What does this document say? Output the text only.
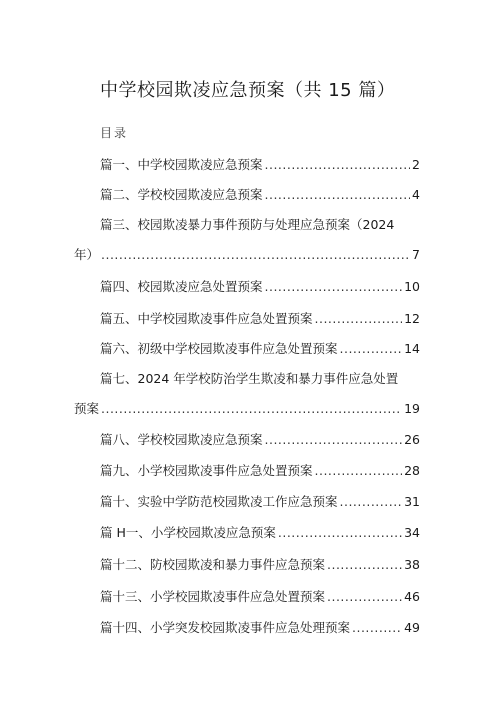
中学校园欺凌应急预案（共 15 篇）
目录
篇一、中学校园欺凌应急预案 .....	2
篇二、学校校园欺凌应急预案 .....	4
篇三、校园欺凌暴力事件预防与处理应急预案（2024
年） .....	7
篇四、校园欺凌应急处置预案 .....	10
篇五、中学校园欺凌事件应急处置预案 .....	12
篇六、初级中学校园欺凌事件应急处置预案 .....	14
篇七、2024 年学校防治学生欺凌和暴力事件应急处置
预案 .....	19
篇八、学校校园欺凌应急预案 .....	26
篇九、小学校园欺凌事件应急处置预案 .....	28
篇十、实验中学防范校园欺凌工作应急预案 .....	31
篇 H一、小学校园欺凌应急预案 .....	34
篇十二、防校园欺凌和暴力事件应急预案 .....	38
篇十三、小学校园欺凌事件应急处置预案 .....	46
篇十四、小学突发校园欺凌事件应急处理预案 .....	49
